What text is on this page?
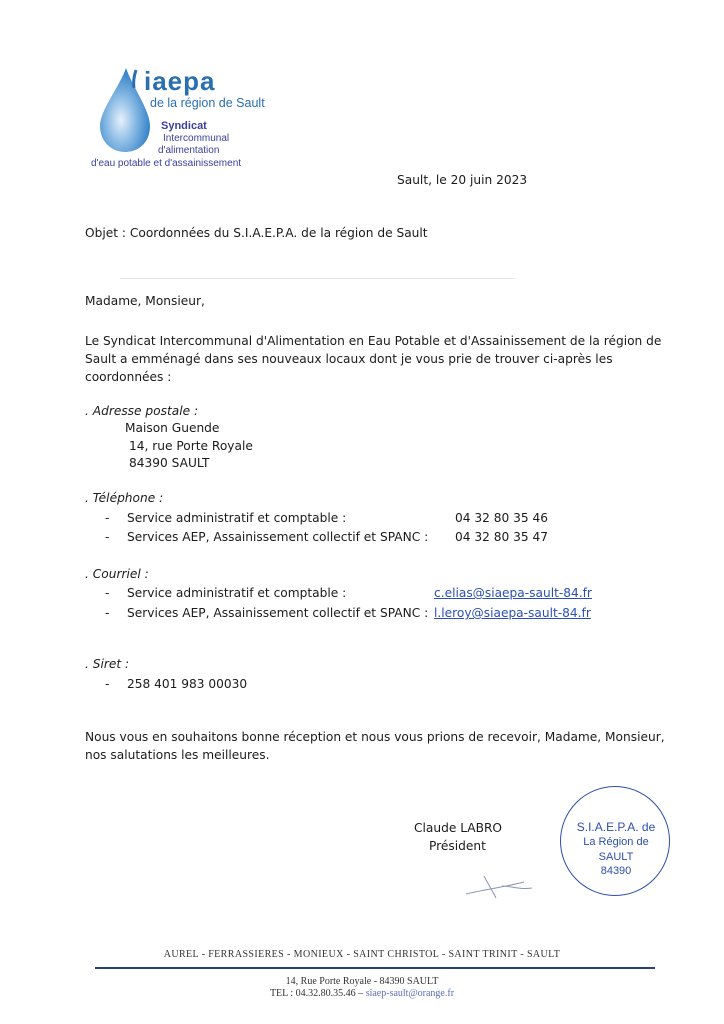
iaepa
de la région de Sault
Syndicat
Intercommunal
d'alimentation
d'eau potable et d'assainissement
Sault, le 20 juin 2023
Objet : Coordonnées du S.I.A.E.P.A. de la région de Sault
Madame, Monsieur,
Le Syndicat Intercommunal d'Alimentation en Eau Potable et d'Assainissement de la région de
Sault a emménagé dans ses nouveaux locaux dont je vous prie de trouver ci-après les
coordonnées :
. Adresse postale :
Maison Guende
14, rue Porte Royale
84390 SAULT
. Téléphone :
- Service administratif et comptable :	04 32 80 35 46
- Services AEP, Assainissement collectif et SPANC : 04 32 80 35 47
. Courriel :
- Service administratif et comptable :	c.elias@siaepa-sault-84.fr
- Services AEP, Assainissement collectif et SPANC : l.leroy@siaepa-sault-84.fr
. Siret :
- 258 401 983 00030
Nous vous en souhaitons bonne réception et nous vous prions de recevoir, Madame, Monsieur,
nos salutations les meilleures.
Claude LABRO
Président
S.I.A.E.P.A. de
La Région de
SAULT
84390
AUREL - FERRASSIERES - MONIEUX - SAINT CHRISTOL - SAINT TRINIT - SAULT
14, Rue Porte Royale - 84390 SAULT
TEL : 04.32.80.35.46 – siaep-sault@orange.fr
